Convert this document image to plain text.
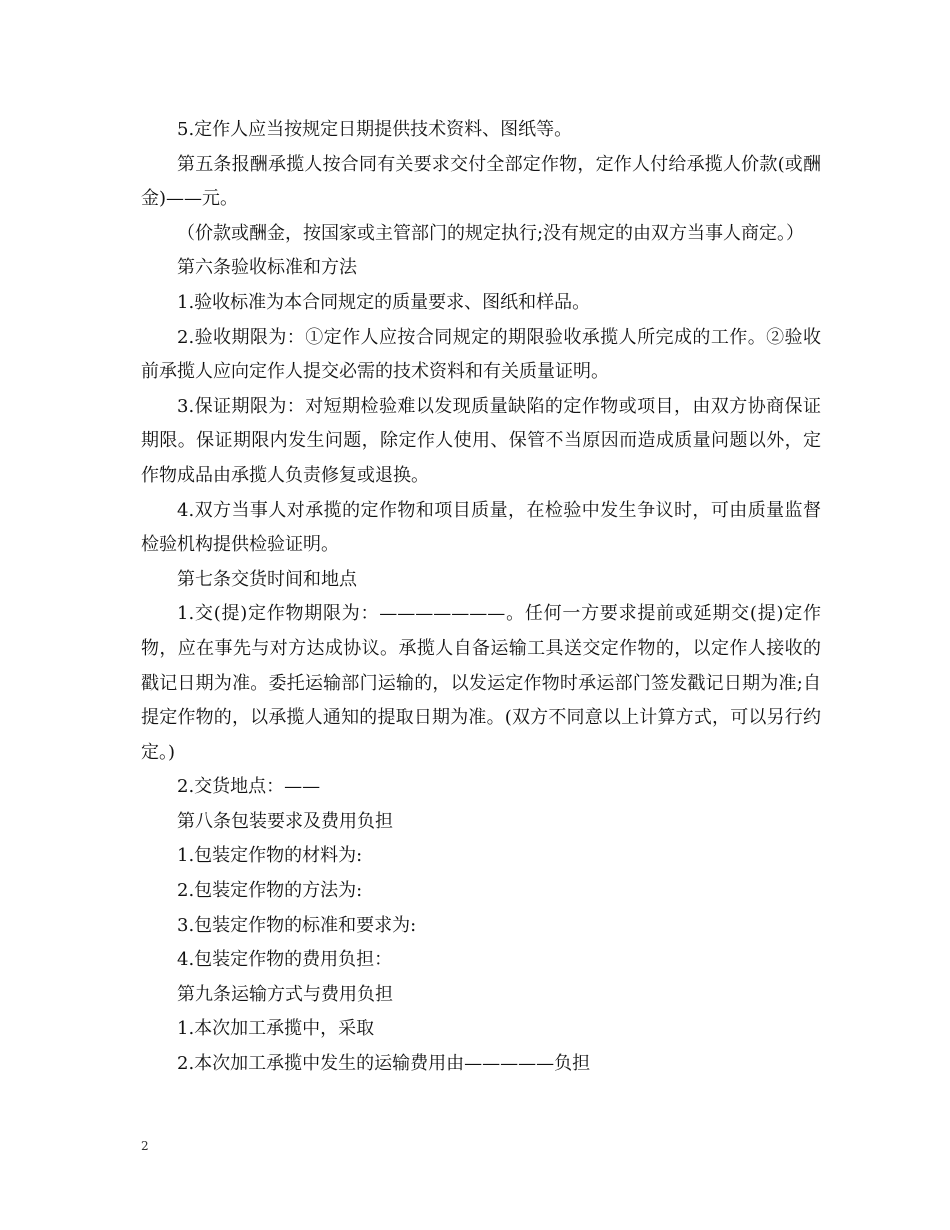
5.定作人应当按规定日期提供技术资料、图纸等。

第五条报酬承揽人按合同有关要求交付全部定作物，定作人付给承揽人价款(或酬金)——元。

（价款或酬金，按国家或主管部门的规定执行;没有规定的由双方当事人商定。）

第六条验收标准和方法

1.验收标准为本合同规定的质量要求、图纸和样品。

2.验收期限为：①定作人应按合同规定的期限验收承揽人所完成的工作。②验收前承揽人应向定作人提交必需的技术资料和有关质量证明。

3.保证期限为：对短期检验难以发现质量缺陷的定作物或项目，由双方协商保证期限。保证期限内发生问题，除定作人使用、保管不当原因而造成质量问题以外，定作物成品由承揽人负责修复或退换。

4.双方当事人对承揽的定作物和项目质量，在检验中发生争议时，可由质量监督检验机构提供检验证明。

第七条交货时间和地点

1.交(提)定作物期限为：———————。任何一方要求提前或延期交(提)定作物，应在事先与对方达成协议。承揽人自备运输工具送交定作物的，以定作人接收的戳记日期为准。委托运输部门运输的，以发运定作物时承运部门签发戳记日期为准;自提定作物的，以承揽人通知的提取日期为准。(双方不同意以上计算方式，可以另行约定。)

2.交货地点：——

第八条包装要求及费用负担

1.包装定作物的材料为:

2.包装定作物的方法为:

3.包装定作物的标准和要求为:

4.包装定作物的费用负担：

第九条运输方式与费用负担

1.本次加工承揽中，采取

2.本次加工承揽中发生的运输费用由—————负担

2
